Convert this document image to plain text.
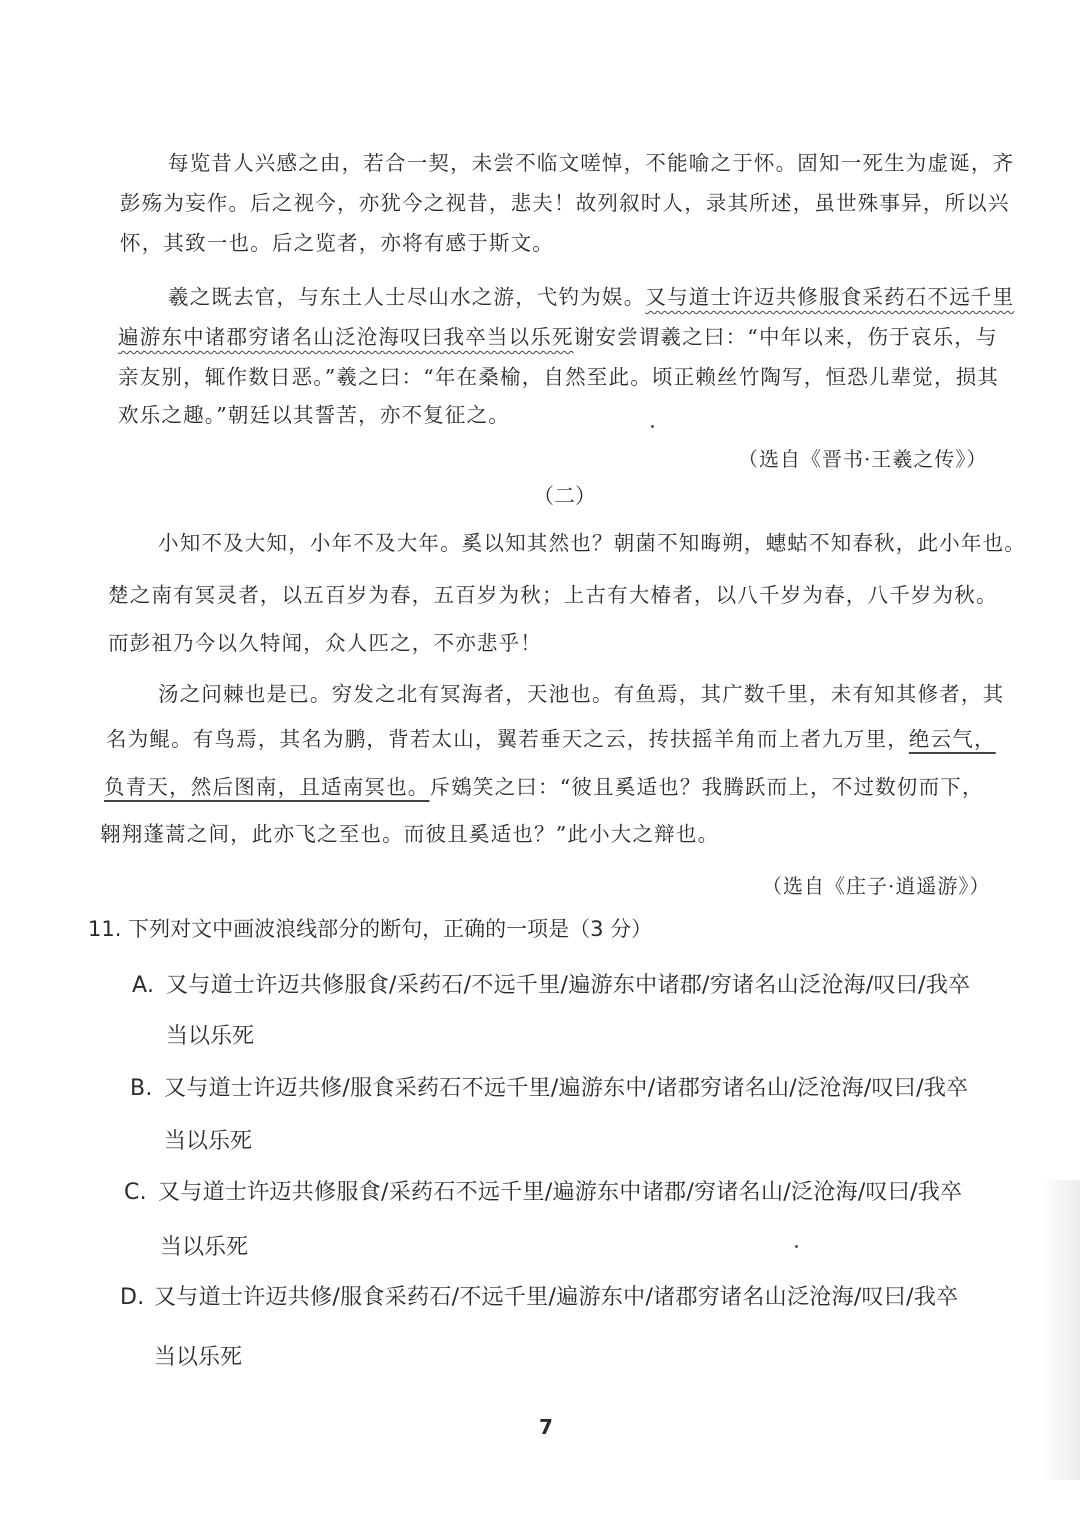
每览昔人兴感之由，若合一契，未尝不临文嗟悼，不能喻之于怀。固知一死生为虚诞，齐
彭殇为妄作。后之视今，亦犹今之视昔，悲夫！故列叙时人，录其所述，虽世殊事异，所以兴
怀，其致一也。后之览者，亦将有感于斯文。
羲之既去官，与东土人士尽山水之游，弋钓为娱。又与道士许迈共修服食采药石不远千里
遍游东中诸郡穷诸名山泛沧海叹曰我卒当以乐死谢安尝谓羲之曰：“中年以来，伤于哀乐，与
亲友别，辄作数日恶。”羲之曰：“年在桑榆，自然至此。顷正赖丝竹陶写，恒恐儿辈觉，损其
欢乐之趣。”朝廷以其誓苦，亦不复征之。
（选自《晋书·王羲之传》）
（二）
小知不及大知，小年不及大年。奚以知其然也？朝菌不知晦朔，蟪蛄不知春秋，此小年也。
楚之南有冥灵者，以五百岁为春，五百岁为秋；上古有大椿者，以八千岁为春，八千岁为秋。
而彭祖乃今以久特闻，众人匹之，不亦悲乎！
汤之问棘也是已。穷发之北有冥海者，天池也。有鱼焉，其广数千里，未有知其修者，其
名为鲲。有鸟焉，其名为鹏，背若太山，翼若垂天之云，抟扶摇羊角而上者九万里，绝云气，
负青天，然后图南，且适南冥也。斥鴳笑之曰：“彼且奚适也？我腾跃而上，不过数仞而下，
翱翔蓬蒿之间，此亦飞之至也。而彼且奚适也？”此小大之辩也。
（选自《庄子·逍遥游》）
11. 下列对文中画波浪线部分的断句，正确的一项是（3 分）
A. 又与道士许迈共修服食/采药石/不远千里/遍游东中诸郡/穷诸名山泛沧海/叹曰/我卒
当以乐死
B. 又与道士许迈共修/服食采药石不远千里/遍游东中/诸郡穷诸名山/泛沧海/叹曰/我卒
当以乐死
C. 又与道士许迈共修服食/采药石不远千里/遍游东中诸郡/穷诸名山/泛沧海/叹曰/我卒
当以乐死
D. 又与道士许迈共修/服食采药石/不远千里/遍游东中/诸郡穷诸名山泛沧海/叹曰/我卒
当以乐死
7
